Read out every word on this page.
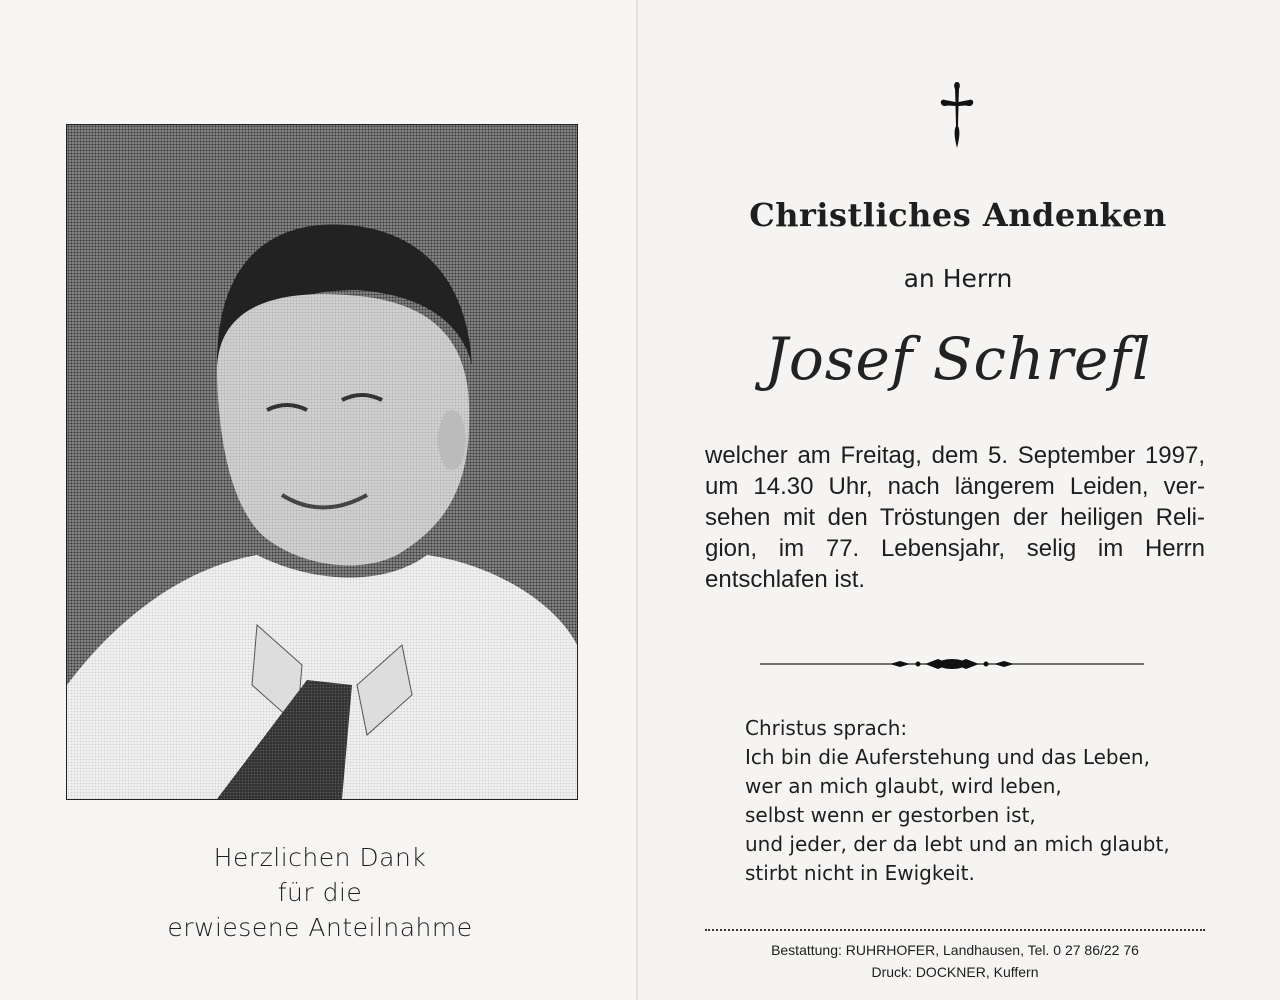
Herzlichen Dank
für die
erwiesene Anteilnahme
Christliches Andenken
an Herrn
Josef Schrefl
welcher am Freitag, dem 5. September 1997,
um 14.30 Uhr, nach längerem Leiden, ver-
sehen mit den Tröstungen der heiligen Reli-
gion, im 77. Lebensjahr, selig im Herrn
entschlafen ist.
Christus sprach:
Ich bin die Auferstehung und das Leben,
wer an mich glaubt, wird leben,
selbst wenn er gestorben ist,
und jeder, der da lebt und an mich glaubt,
stirbt nicht in Ewigkeit.
Bestattung: RUHRHOFER, Landhausen, Tel. 0 27 86/22 76
Druck: DOCKNER, Kuffern
